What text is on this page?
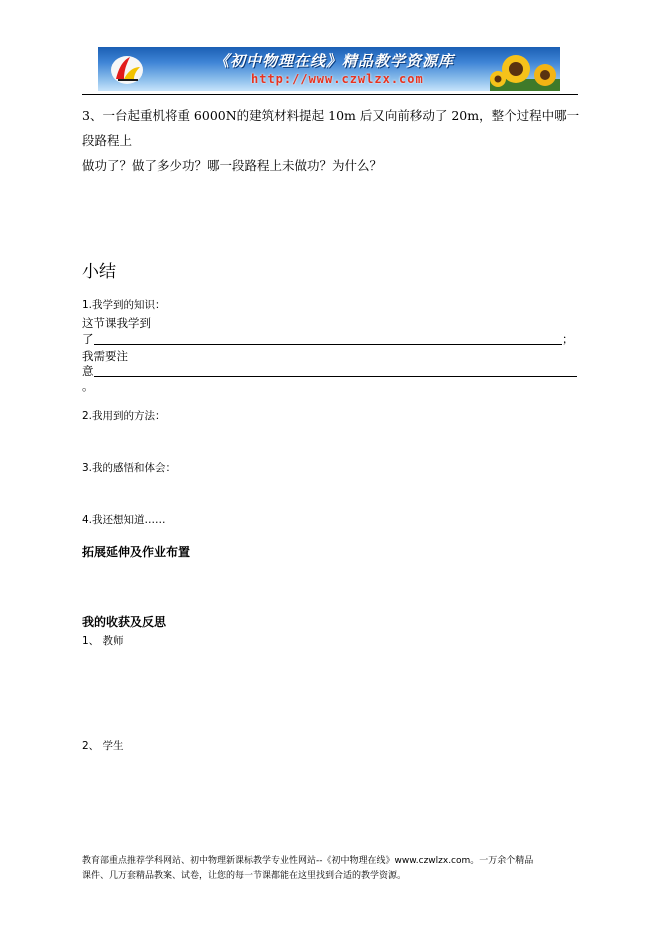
《初中物理在线》精品教学资源库
http://www.czwlzx.com

3、一台起重机将重 6000N的建筑材料提起 10m 后又向前移动了 20m，整个过程中哪一段路程上

做功了？做了多少功？哪一段路程上未做功？为什么？

小结
1.我学到的知识：
这节课我学到
了	；
我需要注
意
。
2.我用到的方法：
3.我的感悟和体会：
4.我还想知道……
拓展延伸及作业布置
我的收获及反思
1、 教师
2、 学生
教育部重点推荐学科网站、初中物理新课标教学专业性网站--《初中物理在线》www.czwlzx.com。一万余个精品
课件、几万套精品教案、试卷，让您的每一节课都能在这里找到合适的教学资源。
